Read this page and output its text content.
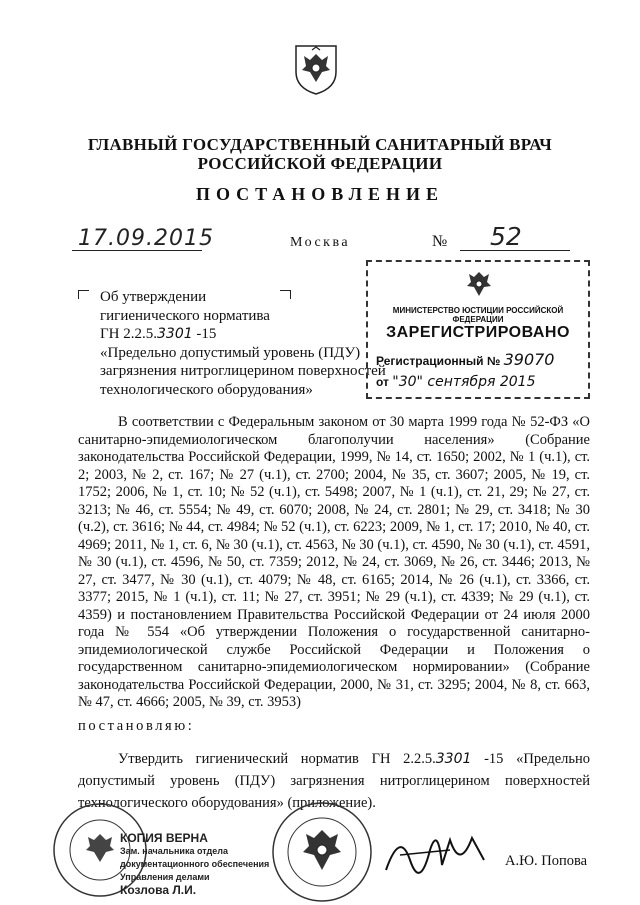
ГЛАВНЫЙ ГОСУДАРСТВЕННЫЙ САНИТАРНЫЙ ВРАЧ
РОССИЙСКОЙ ФЕДЕРАЦИИ
ПОСТАНОВЛЕНИЕ
17.09.2015	Москва	№ 52
Об утверждении
гигиенического норматива
ГН 2.2.5.3301 -15
«Предельно допустимый уровень (ПДУ)
загрязнения нитроглицерином поверхностей
технологического оборудования»
МИНИСТЕРСТВО ЮСТИЦИИ РОССИЙСКОЙ ФЕДЕРАЦИИ
ЗАРЕГИСТРИРОВАНО
Регистрационный № 39070
от "30" сентября 2015
В соответствии с Федеральным законом от 30 марта 1999 года № 52-ФЗ «О санитарно-эпидемиологическом благополучии населения» (Собрание законодательства Российской Федерации, 1999, № 14, ст. 1650; 2002, № 1 (ч.1), ст. 2; 2003, № 2, ст. 167; № 27 (ч.1), ст. 2700; 2004, № 35, ст. 3607; 2005, № 19, ст. 1752; 2006, № 1, ст. 10; № 52 (ч.1), ст. 5498; 2007, № 1 (ч.1), ст. 21, 29; № 27, ст. 3213; № 46, ст. 5554; № 49, ст. 6070; 2008, № 24, ст. 2801; № 29, ст. 3418; № 30 (ч.2), ст. 3616; № 44, ст. 4984; № 52 (ч.1), ст. 6223; 2009, № 1, ст. 17; 2010, № 40, ст. 4969; 2011, № 1, ст. 6, № 30 (ч.1), ст. 4563, № 30 (ч.1), ст. 4590, № 30 (ч.1), ст. 4591, № 30 (ч.1), ст. 4596, № 50, ст. 7359; 2012, № 24, ст. 3069, № 26, ст. 3446; 2013, № 27, ст. 3477, № 30 (ч.1), ст. 4079; № 48, ст. 6165; 2014, № 26 (ч.1), ст. 3366, ст. 3377; 2015, № 1 (ч.1), ст. 11; № 27, ст. 3951; № 29 (ч.1), ст. 4339; № 29 (ч.1), ст. 4359) и постановлением Правительства Российской Федерации от 24 июля 2000 года № 554 «Об утверждении Положения о государственной санитарно-эпидемиологической службе Российской Федерации и Положения о государственном санитарно-эпидемиологическом нормировании» (Собрание законодательства Российской Федерации, 2000, № 31, ст. 3295; 2004, № 8, ст. 663, № 47, ст. 4666; 2005, № 39, ст. 3953)
постановляю:
Утвердить гигиенический норматив ГН 2.2.5.3301 -15 «Предельно допустимый уровень (ПДУ) загрязнения нитроглицерином поверхностей технологического оборудования» (приложение).
КОПИЯ ВЕРНА
Зам. начальника отдела
документационного обеспечения
Управления делами
Козлова Л.И.
А.Ю. Попова
